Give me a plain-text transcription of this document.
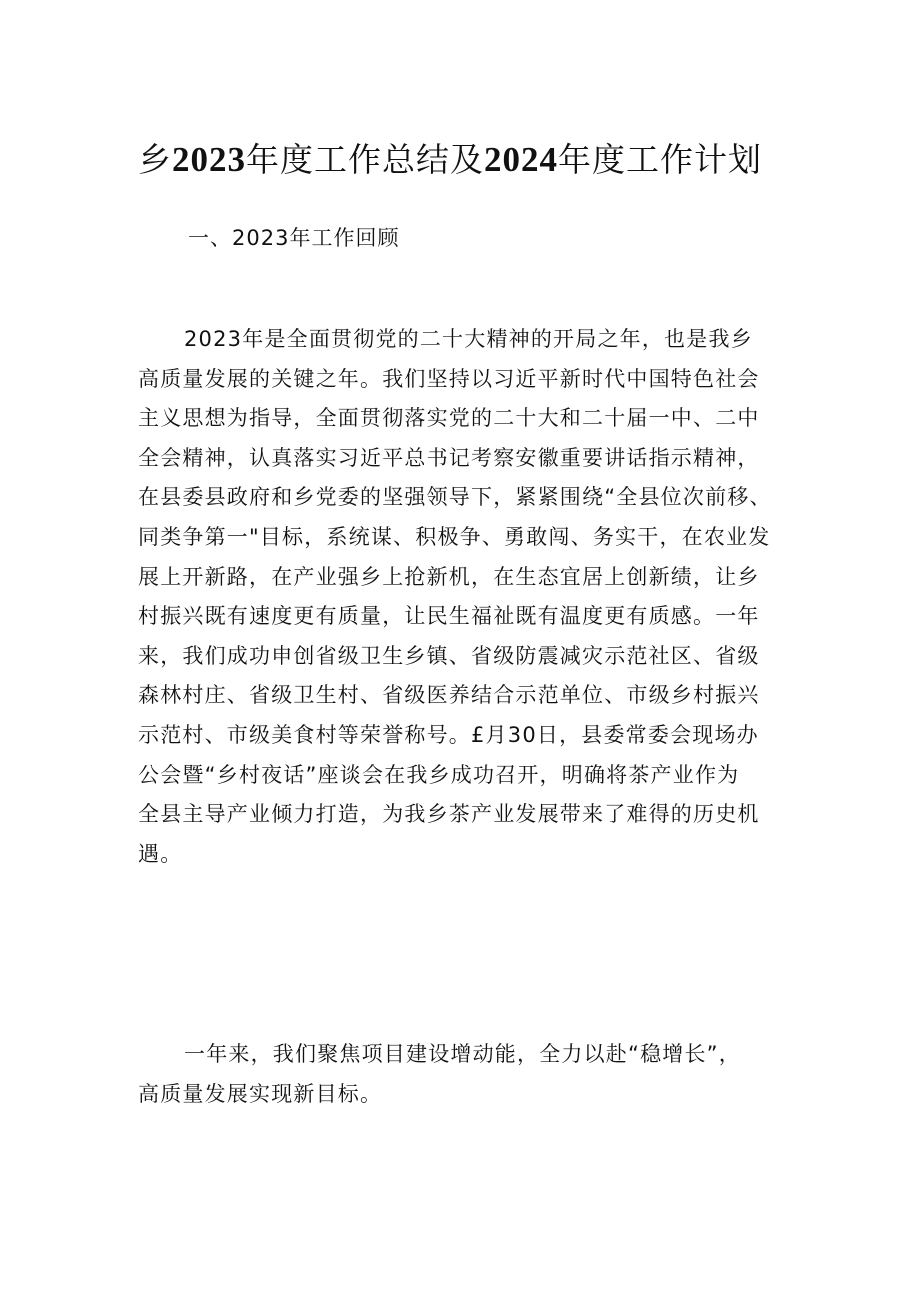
乡2023年度工作总结及2024年度工作计划
一、2023年工作回顾
2023年是全面贯彻党的二十大精神的开局之年，也是我乡
高质量发展的关键之年。我们坚持以习近平新时代中国特色社会
主义思想为指导，全面贯彻落实党的二十大和二十届一中、二中
全会精神，认真落实习近平总书记考察安徽重要讲话指示精神，
在县委县政府和乡党委的坚强领导下，紧紧围绕“全县位次前移、
同类争第一"目标，系统谋、积极争、勇敢闯、务实干，在农业发
展上开新路，在产业强乡上抢新机，在生态宜居上创新绩，让乡
村振兴既有速度更有质量，让民生福祉既有温度更有质感。一年
来，我们成功申创省级卫生乡镇、省级防震减灾示范社区、省级
森林村庄、省级卫生村、省级医养结合示范单位、市级乡村振兴
示范村、市级美食村等荣誉称号。£月30日，县委常委会现场办
公会暨“乡村夜话”座谈会在我乡成功召开，明确将茶产业作为
全县主导产业倾力打造，为我乡茶产业发展带来了难得的历史机
遇。
一年来，我们聚焦项目建设增动能，全力以赴“稳增长”，
高质量发展实现新目标。
